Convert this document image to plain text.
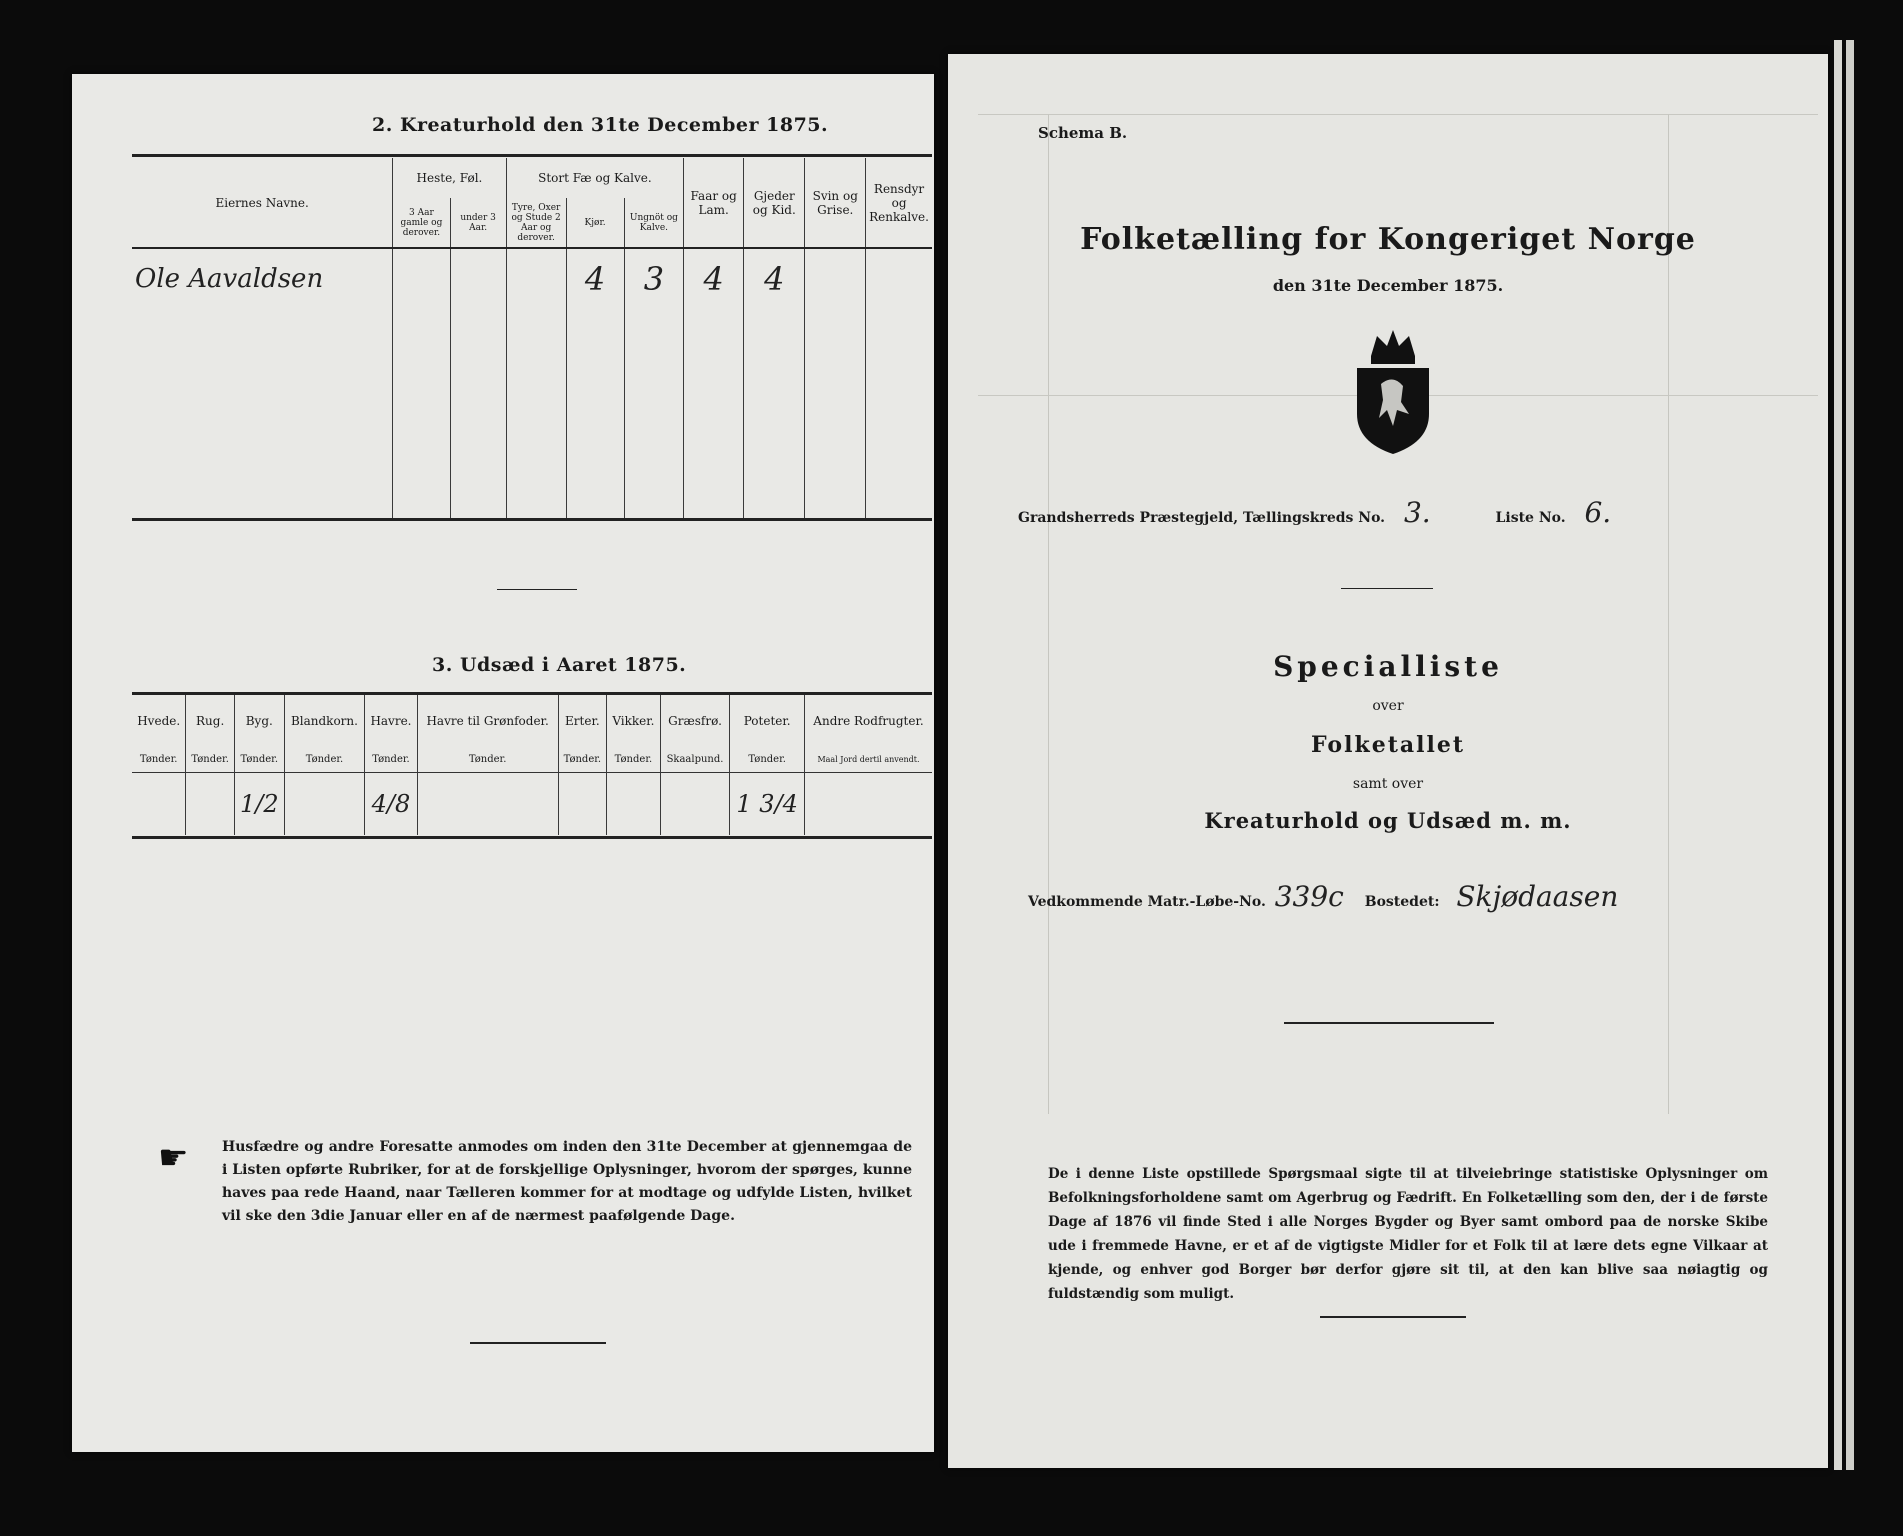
2. Kreaturhold den 31te December 1875.
Eiernes Navne.	Heste, Føl.		Stort Fæ og Kalve.			Faar og Lam.	Gjeder og Kid.	Svin og Grise.	Rensdyr og Renkalve.
	3 Aar gamle og derover.	under 3 Aar.	Tyre, Oxer og Stude 2 Aar og derover.	Kjør.	Ungnöt og Kalve.				
Ole Aavaldsen				4	3	4	4		

3. Udsæd i Aaret 1875.
Hvede.	Rug.	Byg.	Blandkorn.	Havre.	Havre til Grønfoder.	Erter.	Vikker.	Græsfrø.	Poteter.	Andre Rodfrugter.
Tønder.	Tønder.	Tønder.	Tønder.	Tønder.	Tønder.	Tønder.	Tønder.	Skaalpund.	Tønder.	Maal Jord dertil anvendt.
		1/2		4/8					1 3/4	
☛ Husfædre og andre Foresatte anmodes om inden den 31te December at gjennemgaa de i Listen opførte Rubriker, for at de forskjellige Oplysninger, hvorom der spørges, kunne haves paa rede Haand, naar Tælleren kommer for at modtage og udfylde Listen, hvilket vil ske den 3die Januar eller en af de nærmest paafølgende Dage.
Schema B.
Folketælling for Kongeriget Norge
den 31te December 1875.
Grandsherreds Præstegjeld, Tællingskreds No. 3.	Liste No. 6.
Specialliste
over
Folketallet
samt over
Kreaturhold og Udsæd m. m.
Vedkommende Matr.-Løbe-No. 339c Bostedet: Skjødaasen
De i denne Liste opstillede Spørgsmaal sigte til at tilveiebringe statistiske Oplysninger om Befolkningsforholdene samt om Agerbrug og Fædrift. En Folketælling som den, der i de første Dage af 1876 vil finde Sted i alle Norges Bygder og Byer samt ombord paa de norske Skibe ude i fremmede Havne, er et af de vigtigste Midler for et Folk til at lære dets egne Vilkaar at kjende, og enhver god Borger bør derfor gjøre sit til, at den kan blive saa nøiagtig og fuldstændig som muligt.
